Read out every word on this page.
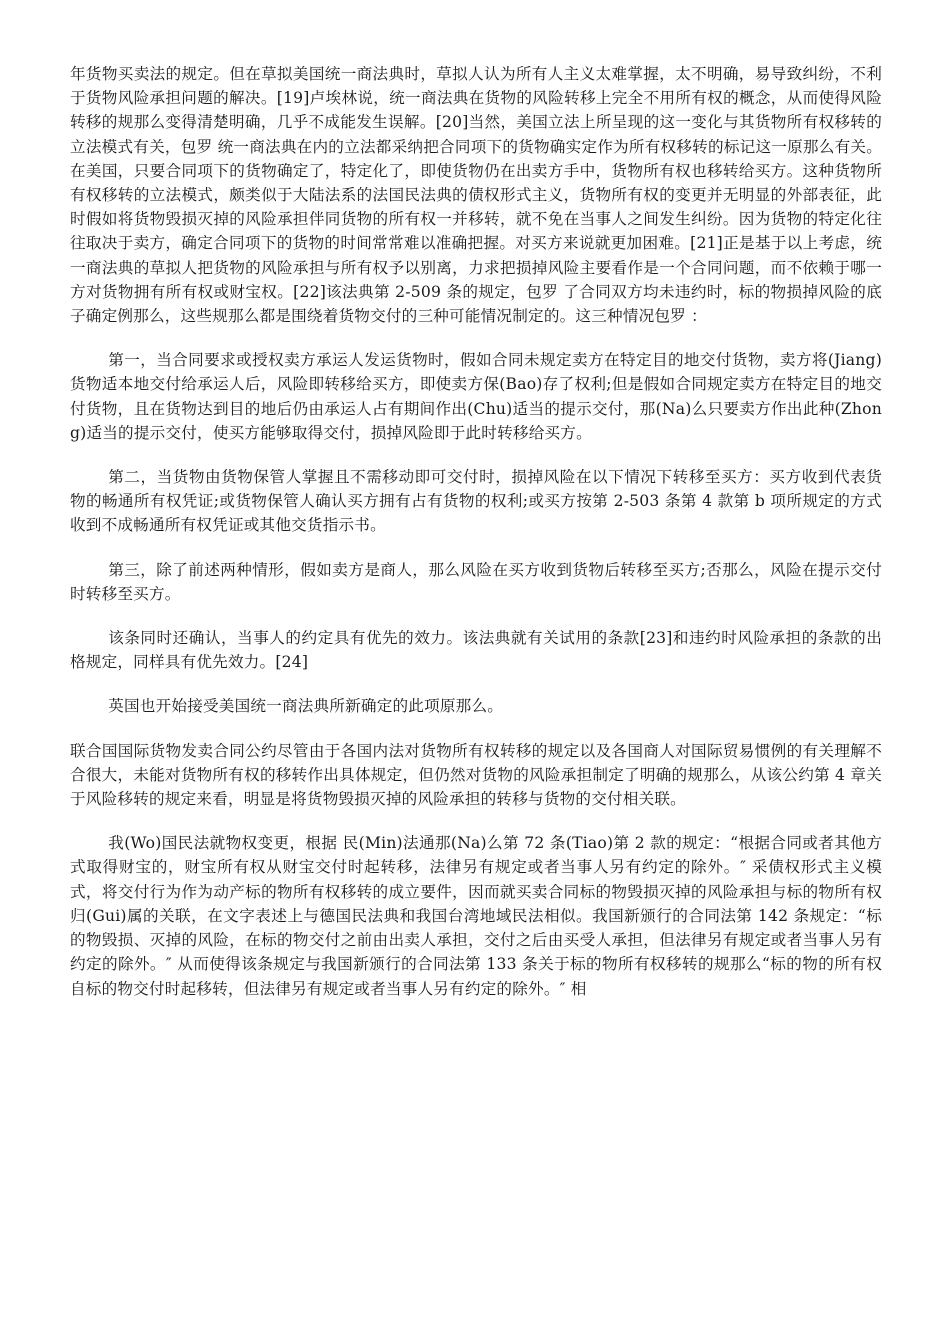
年货物买卖法的规定。但在草拟美国统一商法典时，草拟人认为所有人主义太难掌握，太不明确，易导致纠纷，不利于货物风险承担问题的解决。[19]卢埃林说，统一商法典在货物的风险转移上完全不用所有权的概念，从而使得风险转移的规那么变得清楚明确，几乎不成能发生误解。[20]当然，美国立法上所呈现的这一变化与其货物所有权移转的立法模式有关，包罗 统一商法典在内的立法都采纳把合同项下的货物确实定作为所有权移转的标记这一原那么有关。在美国，只要合同项下的货物确定了，特定化了，即使货物仍在出卖方手中，货物所有权也移转给买方。这种货物所有权移转的立法模式，颇类似于大陆法系的法国民法典的债权形式主义，货物所有权的变更并无明显的外部表征，此时假如将货物毁损灭掉的风险承担伴同货物的所有权一并移转，就不免在当事人之间发生纠纷。因为货物的特定化往往取决于卖方，确定合同项下的货物的时间常常难以准确把握。对买方来说就更加困难。[21]正是基于以上考虑，统一商法典的草拟人把货物的风险承担与所有权予以别离，力求把损掉风险主要看作是一个合同问题，而不依赖于哪一方对货物拥有所有权或财宝权。[22]该法典第 2-509 条的规定，包罗 了合同双方均未违约时，标的物损掉风险的底子确定例那么，这些规那么都是围绕着货物交付的三种可能情况制定的。这三种情况包罗 ：

第一，当合同要求或授权卖方承运人发运货物时，假如合同未规定卖方在特定目的地交付货物，卖方将(Jiang)货物适本地交付给承运人后，风险即转移给买方，即使卖方保(Bao)存了权利;但是假如合同规定卖方在特定目的地交付货物，且在货物达到目的地后仍由承运人占有期间作出(Chu)适当的提示交付，那(Na)么只要卖方作出此种(Zhong)适当的提示交付，使买方能够取得交付，损掉风险即于此时转移给买方。

第二，当货物由货物保管人掌握且不需移动即可交付时，损掉风险在以下情况下转移至买方：买方收到代表货物的畅通所有权凭证;或货物保管人确认买方拥有占有货物的权利;或买方按第 2-503 条第 4 款第 b 项所规定的方式收到不成畅通所有权凭证或其他交货指示书。

第三，除了前述两种情形，假如卖方是商人，那么风险在买方收到货物后转移至买方;否那么，风险在提示交付时转移至买方。

该条同时还确认，当事人的约定具有优先的效力。该法典就有关试用的条款[23]和违约时风险承担的条款的出格规定，同样具有优先效力。[24]

英国也开始接受美国统一商法典所新确定的此项原那么。

联合国国际货物发卖合同公约尽管由于各国内法对货物所有权转移的规定以及各国商人对国际贸易惯例的有关理解不合很大，未能对货物所有权的移转作出具体规定，但仍然对货物的风险承担制定了明确的规那么，从该公约第 4 章关于风险移转的规定来看，明显是将货物毁损灭掉的风险承担的转移与货物的交付相关联。

我(Wo)国民法就物权变更，根据 民(Min)法通那(Na)么第 72 条(Tiao)第 2 款的规定：“根据合同或者其他方式取得财宝的，财宝所有权从财宝交付时起转移，法律另有规定或者当事人另有约定的除外。″ 采债权形式主义模式，将交付行为作为动产标的物所有权移转的成立要件，因而就买卖合同标的物毁损灭掉的风险承担与标的物所有权归(Gui)属的关联，在文字表述上与德国民法典和我国台湾地域民法相似。我国新颁行的合同法第 142 条规定：“标的物毁损、灭掉的风险，在标的物交付之前由出卖人承担，交付之后由买受人承担，但法律另有规定或者当事人另有约定的除外。″ 从而使得该条规定与我国新颁行的合同法第 133 条关于标的物所有权移转的规那么“标的物的所有权自标的物交付时起移转，但法律另有规定或者当事人另有约定的除外。″ 相
